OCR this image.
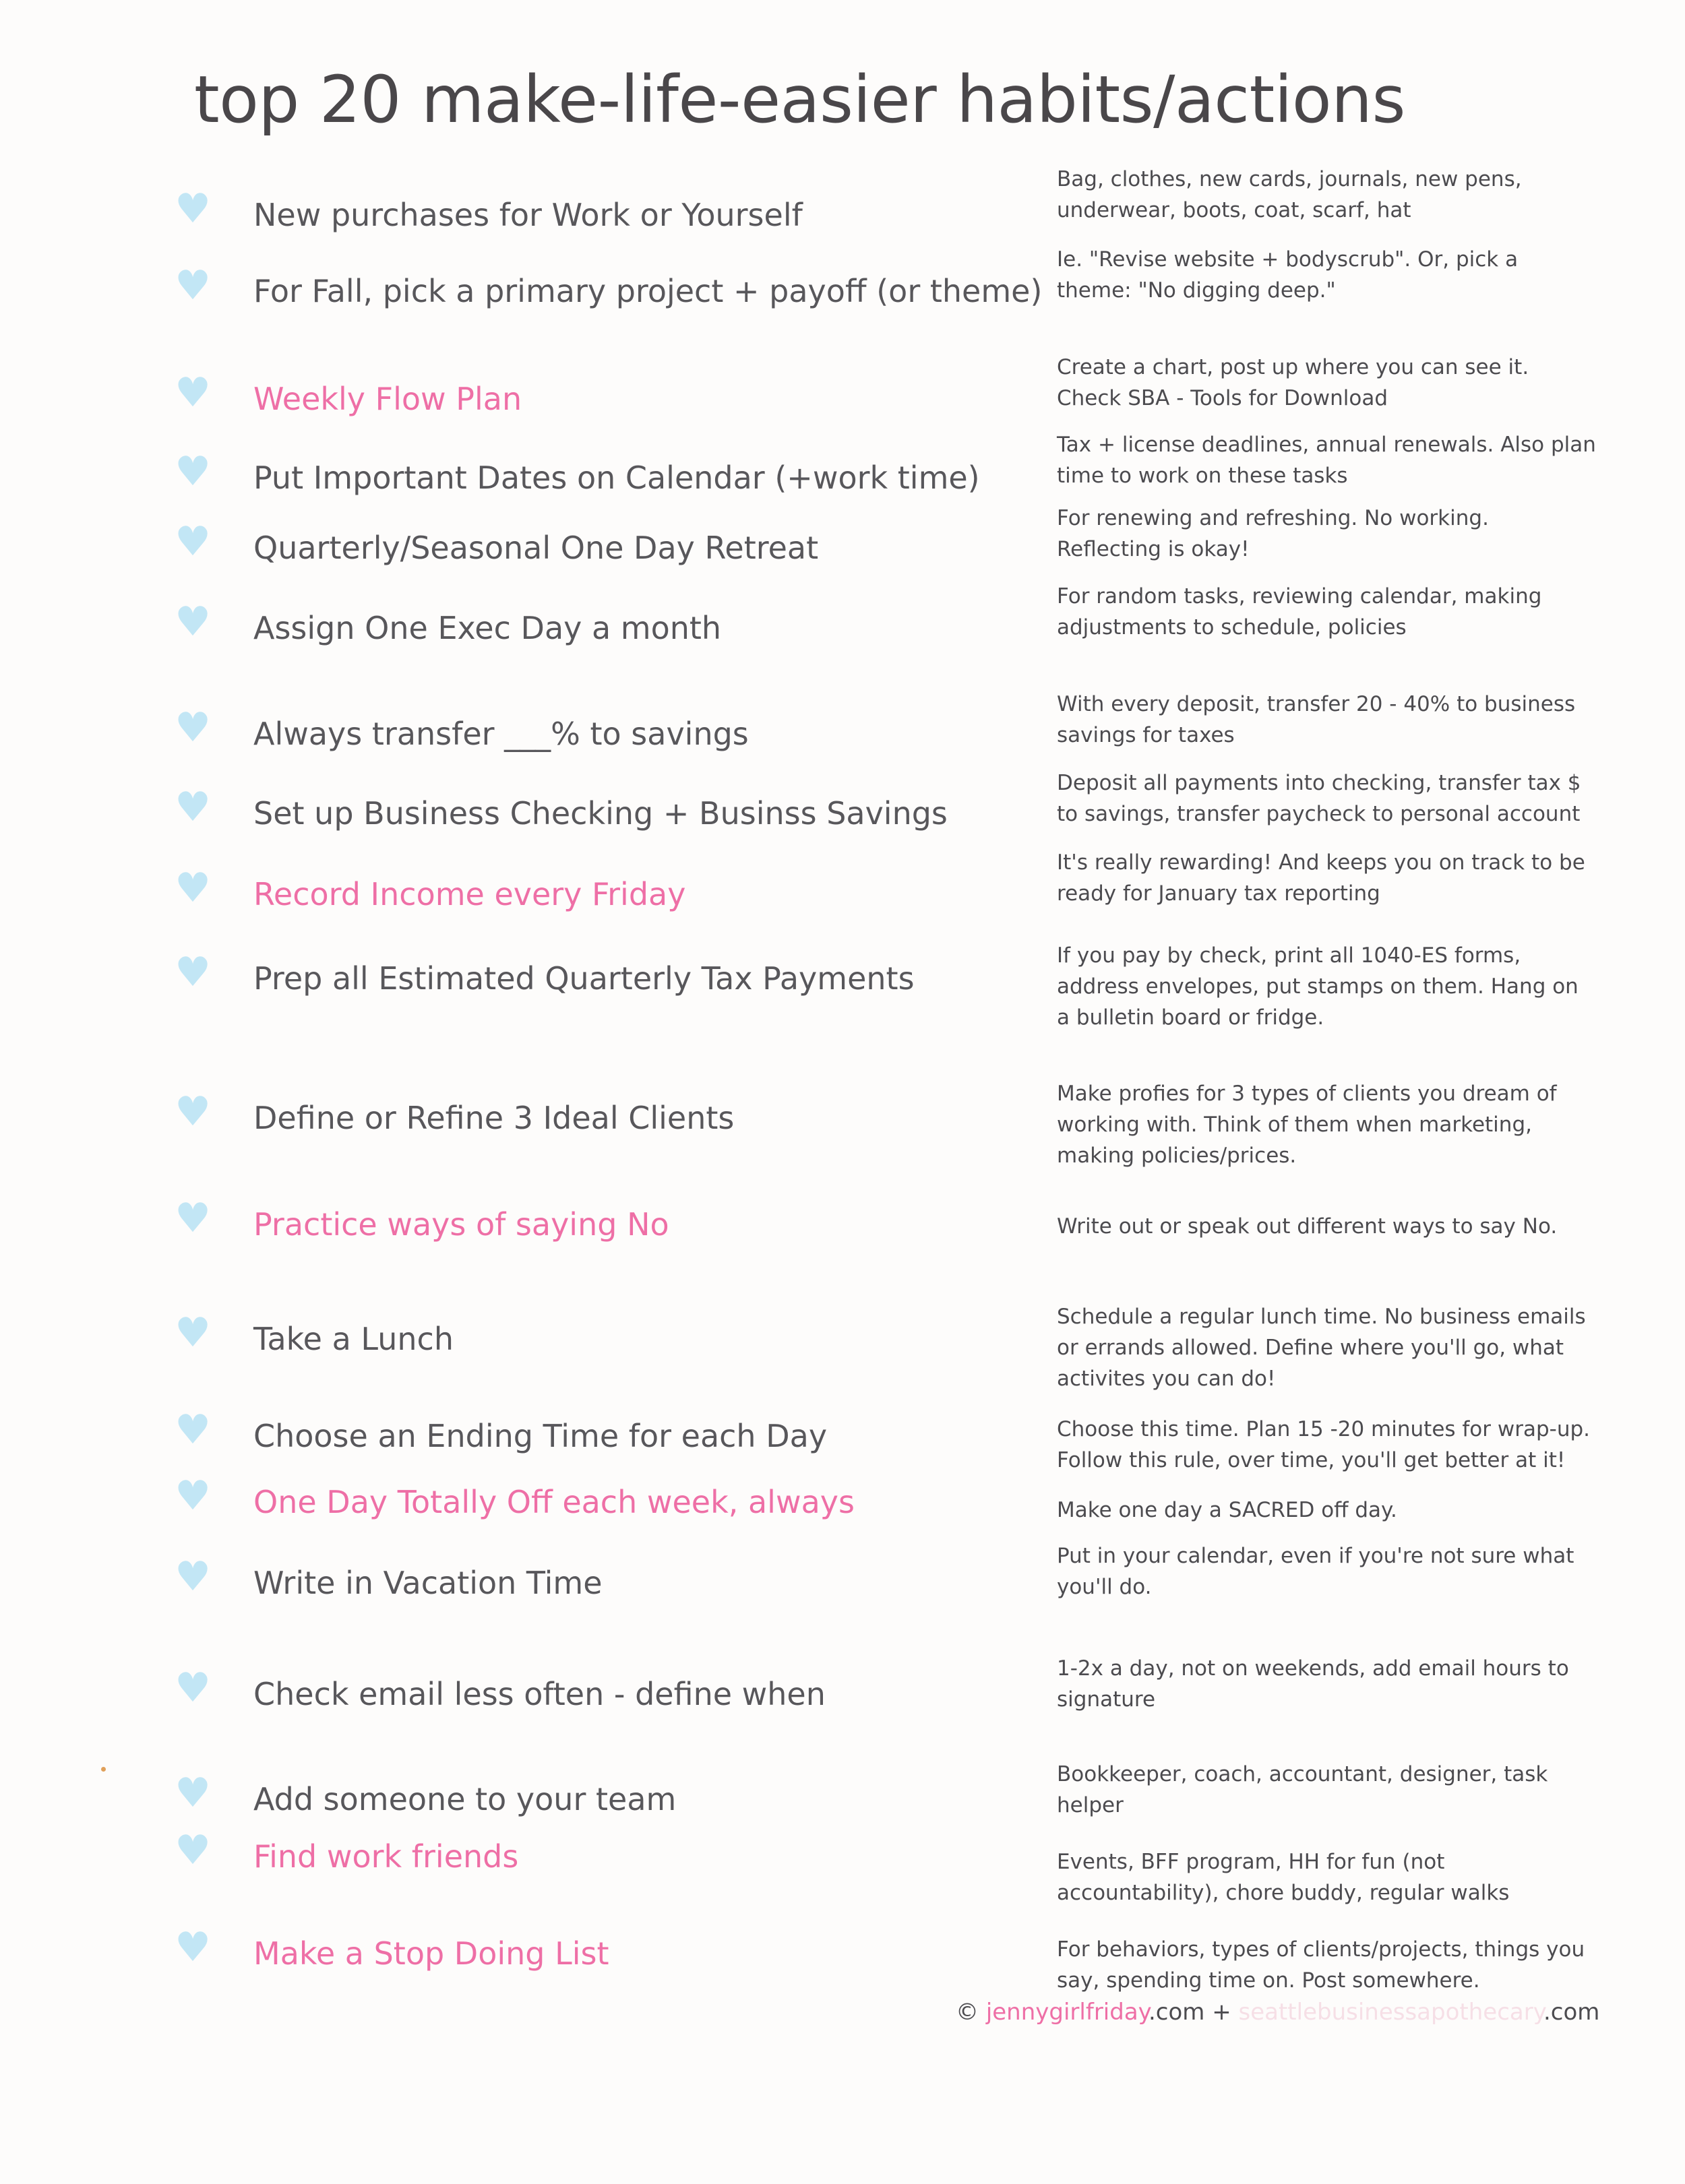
top 20 make-life-easier habits/actions
♥ New purchases for Work or Yourself
Bag, clothes, new cards, journals, new pens, underwear, boots, coat, scarf, hat
♥ For Fall, pick a primary project + payoff (or theme)
Ie. "Revise website + bodyscrub". Or, pick a theme: "No digging deep."
♥ Weekly Flow Plan
Create a chart, post up where you can see it. Check SBA - Tools for Download
♥ Put Important Dates on Calendar (+work time)
Tax + license deadlines, annual renewals. Also plan time to work on these tasks
♥ Quarterly/Seasonal One Day Retreat
For renewing and refreshing. No working. Reflecting is okay!
♥ Assign One Exec Day a month
For random tasks, reviewing calendar, making adjustments to schedule, policies
♥ Always transfer ___% to savings
With every deposit, transfer 20 - 40% to business savings for taxes
♥ Set up Business Checking + Businss Savings
Deposit all payments into checking, transfer tax $ to savings, transfer paycheck to personal account
♥ Record Income every Friday
It's really rewarding! And keeps you on track to be ready for January tax reporting
♥ Prep all Estimated Quarterly Tax Payments
If you pay by check, print all 1040-ES forms, address envelopes, put stamps on them. Hang on a bulletin board or fridge.
♥ Define or Refine 3 Ideal Clients
Make profies for 3 types of clients you dream of working with. Think of them when marketing, making policies/prices.
♥ Practice ways of saying No	Write out or speak out different ways to say No.
♥ Take a Lunch
Schedule a regular lunch time. No business emails or errands allowed. Define where you'll go, what activites you can do!
♥ Choose an Ending Time for each Day	Choose this time. Plan 15 -20 minutes for wrap-up. Follow this rule, over time, you'll get better at it!
♥ One Day Totally Off each week, always	Make one day a SACRED off day.
♥ Write in Vacation Time
Put in your calendar, even if you're not sure what you'll do.
♥ Check email less often - define when
1-2x a day, not on weekends, add email hours to signature
♥ Add someone to your team
Bookkeeper, coach, accountant, designer, task helper
♥ Find work friends	Events, BFF program, HH for fun (not accountability), chore buddy, regular walks
♥ Make a Stop Doing List	For behaviors, types of clients/projects, things you say, spending time on. Post somewhere.
© jennygirlfriday.com + seattlebusinessapothecary.com
